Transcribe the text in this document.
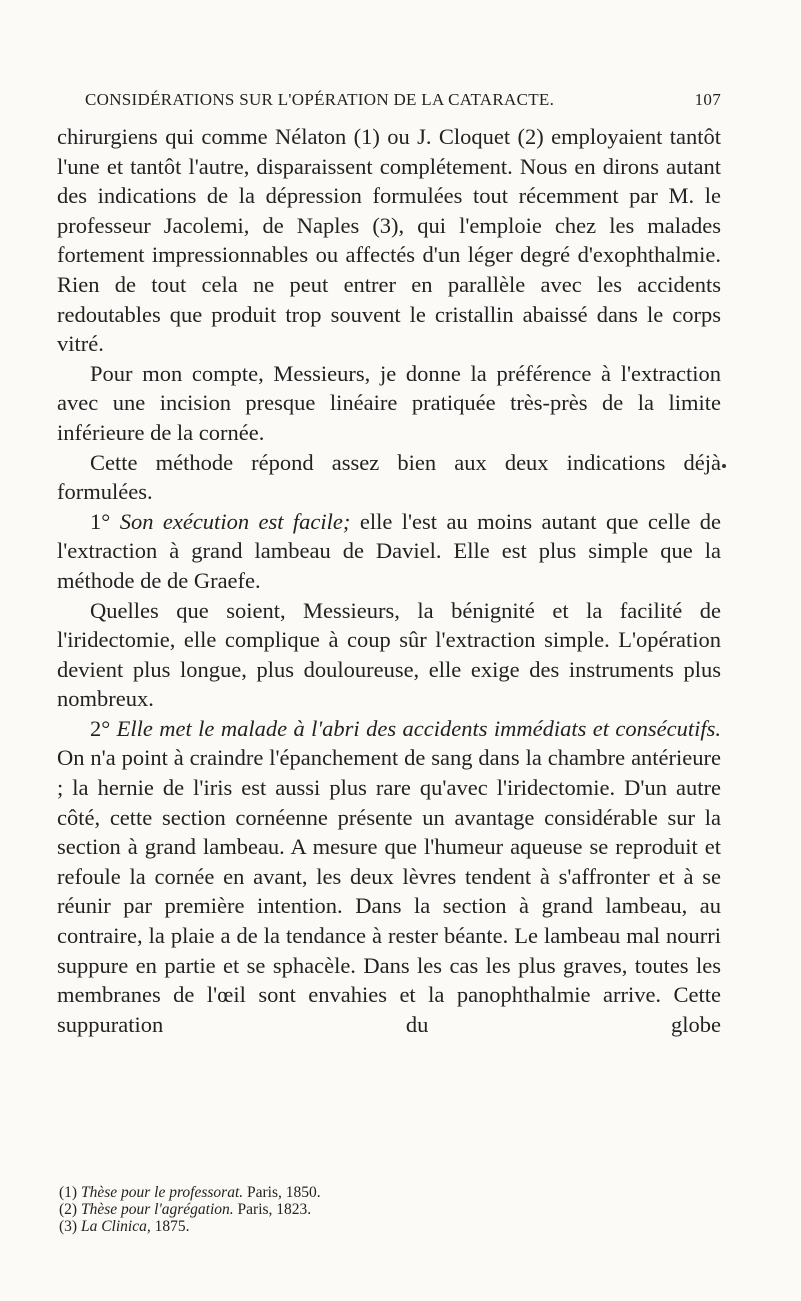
CONSIDÉRATIONS SUR L'OPÉRATION DE LA CATARACTE.	107

chirurgiens qui comme Nélaton (1) ou J. Cloquet (2) employaient tantôt l'une et tantôt l'autre, disparaissent complétement. Nous en dirons autant des indications de la dépression formulées tout récemment par M. le professeur Jacolemi, de Naples (3), qui l'emploie chez les malades fortement impressionnables ou affectés d'un léger degré d'exophthalmie. Rien de tout cela ne peut entrer en parallèle avec les accidents redoutables que produit trop souvent le cristallin abaissé dans le corps vitré.

Pour mon compte, Messieurs, je donne la préférence à l'extraction avec une incision presque linéaire pratiquée très-près de la limite inférieure de la cornée.

Cette méthode répond assez bien aux deux indications déjà formulées.

1° Son exécution est facile; elle l'est au moins autant que celle de l'extraction à grand lambeau de Daviel. Elle est plus simple que la méthode de de Graefe.

Quelles que soient, Messieurs, la bénignité et la facilité de l'iridectomie, elle complique à coup sûr l'extraction simple. L'opération devient plus longue, plus douloureuse, elle exige des instruments plus nombreux.

2° Elle met le malade à l'abri des accidents immédiats et consécutifs. On n'a point à craindre l'épanchement de sang dans la chambre antérieure ; la hernie de l'iris est aussi plus rare qu'avec l'iridectomie. D'un autre côté, cette section cornéenne présente un avantage considérable sur la section à grand lambeau. A mesure que l'humeur aqueuse se reproduit et refoule la cornée en avant, les deux lèvres tendent à s'affronter et à se réunir par première intention. Dans la section à grand lambeau, au contraire, la plaie a de la tendance à rester béante. Le lambeau mal nourri suppure en partie et se sphacèle. Dans les cas les plus graves, toutes les membranes de l'œil sont envahies et la panophthalmie arrive. Cette suppuration du globe

(1) Thèse pour le professorat. Paris, 1850.

(2) Thèse pour l'agrégation. Paris, 1823.

(3) La Clinica, 1875.
